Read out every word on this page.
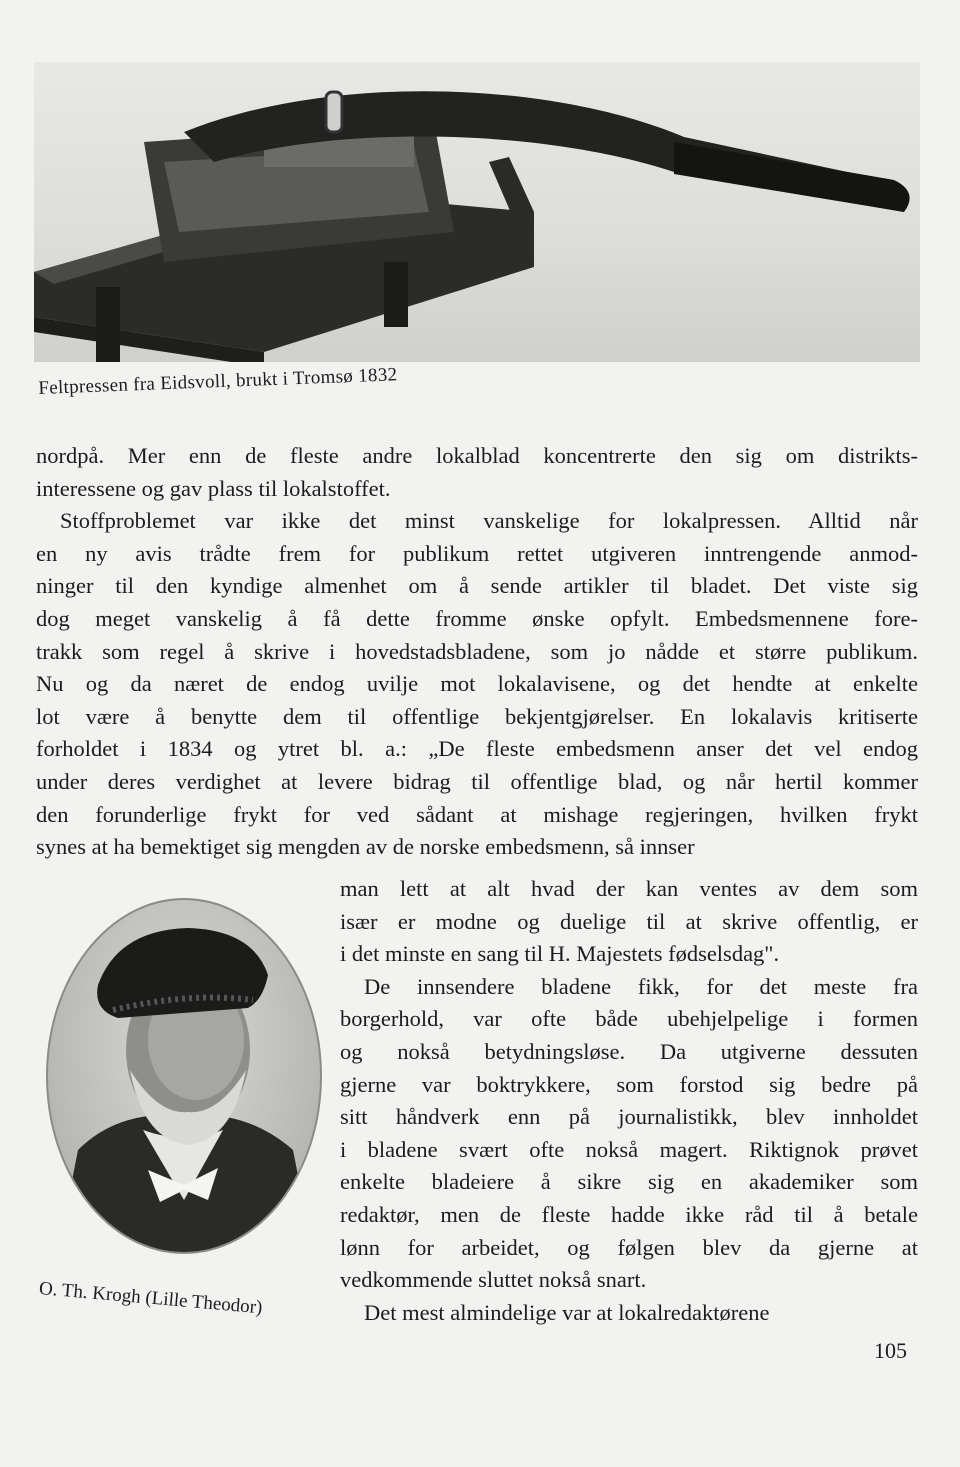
Feltpressen fra Eidsvoll, brukt i Tromsø 1832

nordpå. Mer enn de fleste andre lokalblad koncentrerte den sig om distrikts-
interessene og gav plass til lokalstoffet.

Stoffproblemet var ikke det minst vanskelige for lokalpressen. Alltid når
en ny avis trådte frem for publikum rettet utgiveren inntrengende anmod-
ninger til den kyndige almenhet om å sende artikler til bladet. Det viste sig
dog meget vanskelig å få dette fromme ønske opfylt. Embedsmennene fore-
trakk som regel å skrive i hovedstadsbladene, som jo nådde et større publikum.
Nu og da næret de endog uvilje mot lokalavisene, og det hendte at enkelte
lot være å benytte dem til offentlige bekjentgjørelser. En lokalavis kritiserte
forholdet i 1834 og ytret bl. a.: „De fleste embedsmenn anser det vel endog
under deres verdighet at levere bidrag til offentlige blad, og når hertil kommer
den forunderlige frykt for ved sådant at mishage regjeringen, hvilken frykt
synes at ha bemektiget sig mengden av de norske embedsmenn, så innser

O. Th. Krogh (Lille Theodor)

man lett at alt hvad der kan ventes av dem som
især er modne og duelige til at skrive offentlig, er
i det minste en sang til H. Majestets fødselsdag".

De innsendere bladene fikk, for det meste fra
borgerhold, var ofte både ubehjelpelige i formen
og nokså betydningsløse. Da utgiverne dessuten
gjerne var boktrykkere, som forstod sig bedre på
sitt håndverk enn på journalistikk, blev innholdet
i bladene svært ofte nokså magert. Riktignok prøvet
enkelte bladeiere å sikre sig en akademiker som
redaktør, men de fleste hadde ikke råd til å betale
lønn for arbeidet, og følgen blev da gjerne at
vedkommende sluttet nokså snart.

Det mest almindelige var at lokalredaktørene

105
